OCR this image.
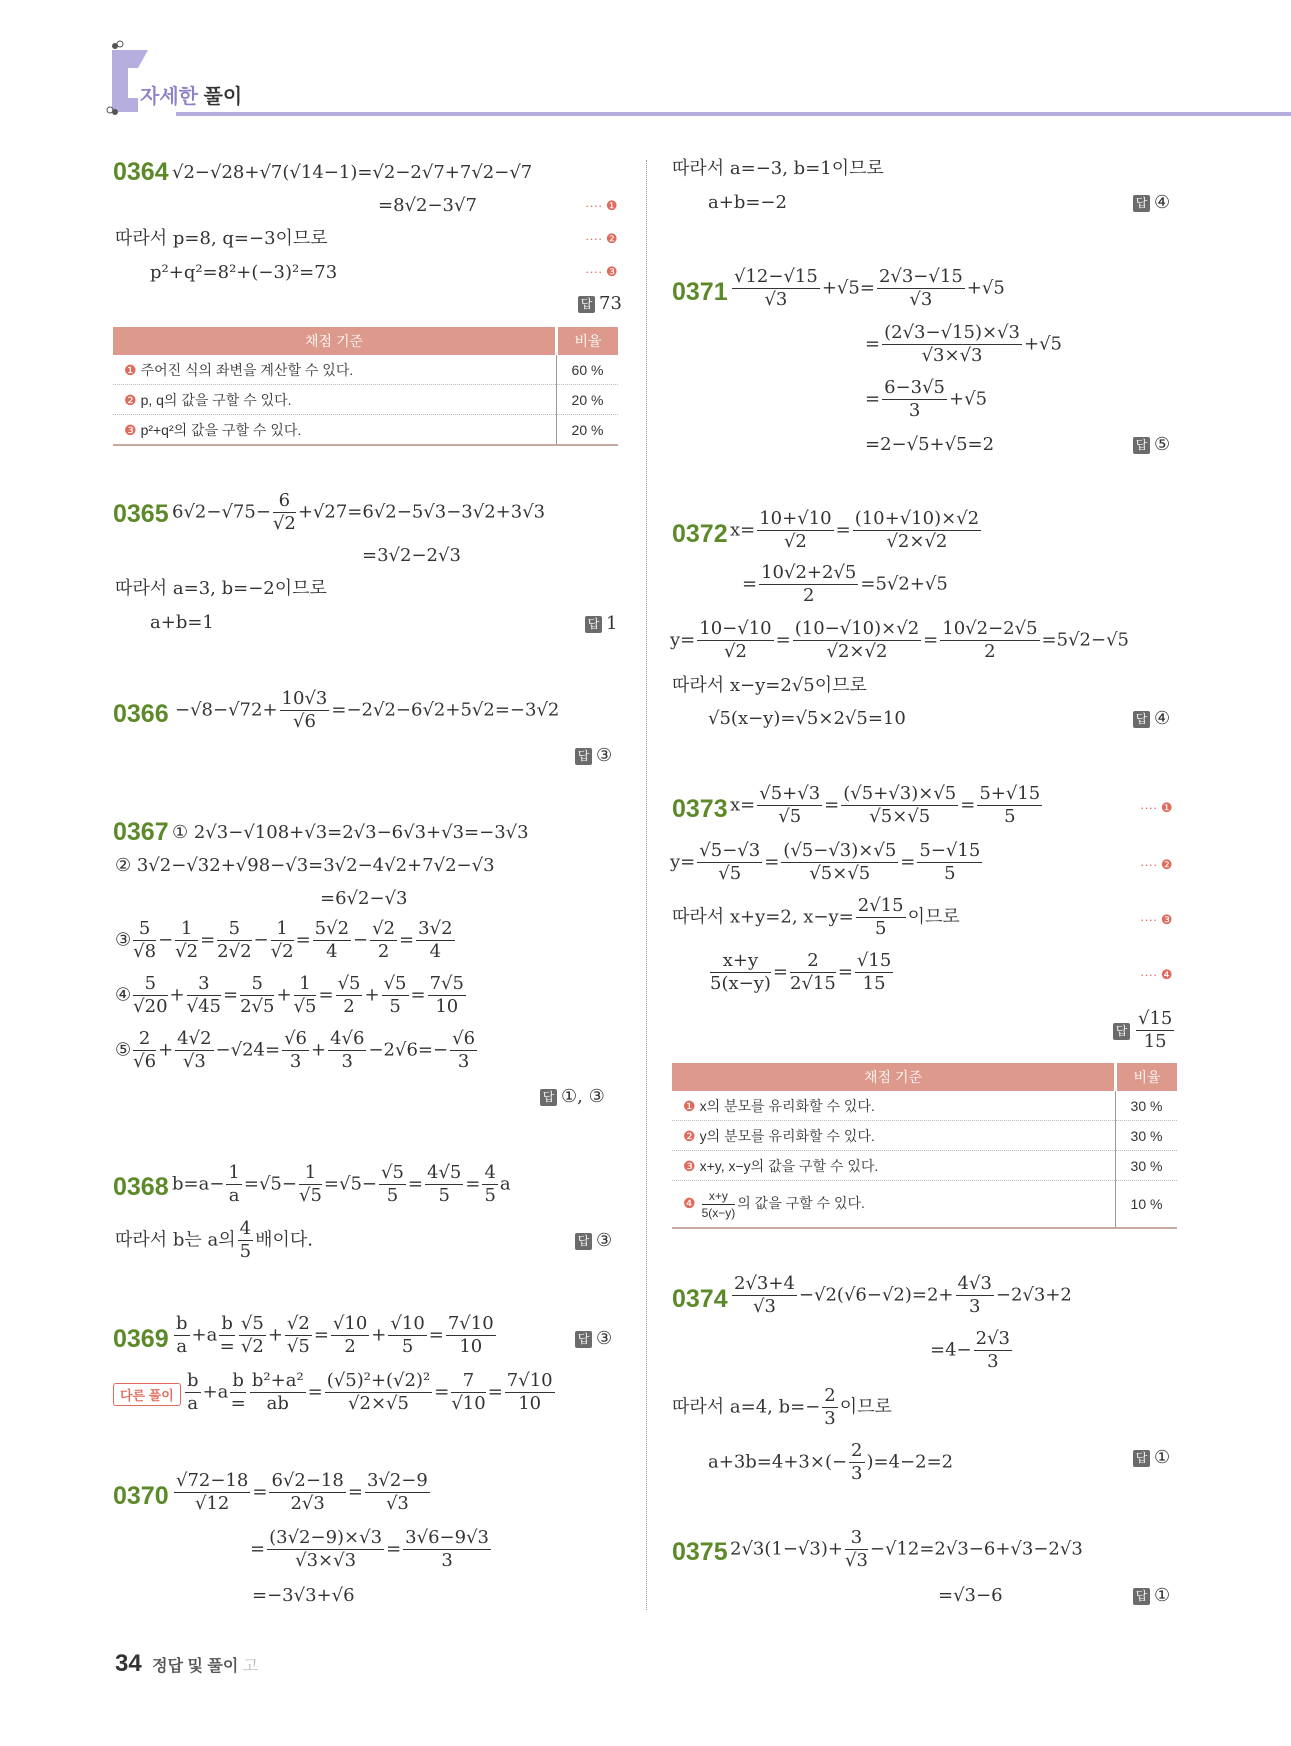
자세한 풀이
0364 √2−√28+√7(√14−1)=√2−2√7+7√2−√7
=8√2−3√7	···· ❶
따라서 p=8, q=−3이므로	···· ❷
p²+q²=8²+(−3)²=73	···· ❸
답 73
채점 기준	비율
❶ 주어진 식의 좌변을 계산할 수 있다.	60 %
❷ p, q의 값을 구할 수 있다.	20 %
❸ p²+q²의 값을 구할 수 있다.	20 %
0365 $6√2-√75- \frac{6}{√2} +√27=6√2-5√3-3√2+3√3$
=3√2−2√3
따라서 a=3, b=−2이므로
a+b=1	답 1
$0366 -√8-√72+ \frac{10√3}{√6} =-2√2-6√2+5√2=-3√2$
답 ③
0367 ① 2√3−√108+√3=2√3−6√3+√3=−3√3
② 3√2−√32+√98−√3=3√2−4√2+7√2−√3
=6√2−√3
③ $\frac{5}{√8} - \frac{1}{√2} = \frac{5}{2√2} - \frac{1}{√2} = \frac{5√2}{4} - \frac{√2}{2} = \frac{3√2}{4}$
④ $\frac{5}{√20} + \frac{3}{√45} = \frac{5}{2√5} + \frac{1}{√5} = \frac{√5}{2} + \frac{√5}{5} = \frac{7√5}{10}$
⑤ $\frac{2}{√6} + \frac{4√2}{√3} -√24= \frac{√6}{3} + \frac{4√6}{3} -2√6=- \frac{√6}{3}$
답 ①, ③
0368 $b=a- \frac{1}{a} =√5- \frac{1}{√5} =√5- \frac{√5}{5} = \frac{4√5}{5} = \frac{4}{5}$ a
따라서 b는 a의 $\frac{4}{5}$ 배이다.	답 ③
$0369 \frac{b}{a} +a \frac{b}{=} \frac{√5}{√2} + \frac{√2}{√5} = \frac{√10}{2} + \frac{√10}{5} = \frac{7√10}{10}$	답 ③
다른 풀이 $\frac{b}{a} +a \frac{b}{=} \frac{\text{b²+a²}}{ab} = \frac{\text{(√5)²+(√2)²}}{√2\times√5} = \frac{7}{√10} = \frac{7√10}{10}$
$0370 \frac{√72-18}{√12} = \frac{6√2-18}{2√3} = \frac{3√2-9}{√3}$
= $\frac{(3√2-9)\times√3}{√3\times√3} = \frac{3√6-9√3}{3}$
=−3√3+√6
따라서 a=−3, b=1이므로
a+b=−2	답 ④
$0371 \frac{√12-√15}{√3} +√5= \frac{2√3-√15}{√3} +√5$
= $\frac{(2√3-√15)\times√3}{√3\times√3} +√5$
= $\frac{6-3√5}{3} +√5$
=2−√5+√5=2	답 ⑤
0372 $x= \frac{10+√10}{√2} = \frac{(10+√10)\times√2}{√2\times√2}$
= $\frac{10√2+2√5}{2} =5√2+√5$
$y= \frac{10-√10}{√2} = \frac{(10-√10)\times√2}{√2\times√2} = \frac{10√2-2√5}{2} =5√2-√5$
따라서 x−y=2√5이므로
√5(x−y)=√5×2√5=10	답 ④
0373 $x= \frac{√5+√3}{√5} = \frac{(√5+√3)\times√5}{√5\times√5} = \frac{5+√15}{5}$	···· ❶
$y= \frac{√5-√3}{√5} = \frac{(√5-√3)\times√5}{√5\times√5} = \frac{5-√15}{5}$	···· ❷
따라서 x+y=2, $x-y= \frac{2√15}{5}$ 이므로	···· ❸
$\frac{x+y}{5(x-y)} = \frac{2}{2√15} = \frac{√15}{15}$	···· ❹
답 $\frac{√15}{15}$
채점 기준	비율
❶ x의 분모를 유리화할 수 있다.	30 %
❷ y의 분모를 유리화할 수 있다.	30 %
❸ x+y, x−y의 값을 구할 수 있다.	30 %
❹ $\frac{x+y}{5(x-y)}$ 의 값을 구할 수 있다.	10 %
$0374 \frac{2√3+4}{√3} -√2(√6-√2)=2+ \frac{4√3}{3} -2√3+2$
$=4- \frac{2√3}{3}$
따라서 a=4, $b=- \frac{2}{3}$ 이므로
$a+3b=4+3\times(- \frac{2}{3} )=4-2=2$	답 ①
0375 $2√3(1-√3)+ \frac{3}{√3} -√12=2√3-6+√3-2√3$
=√3−6	답 ①
34 정답 및 풀이 고
